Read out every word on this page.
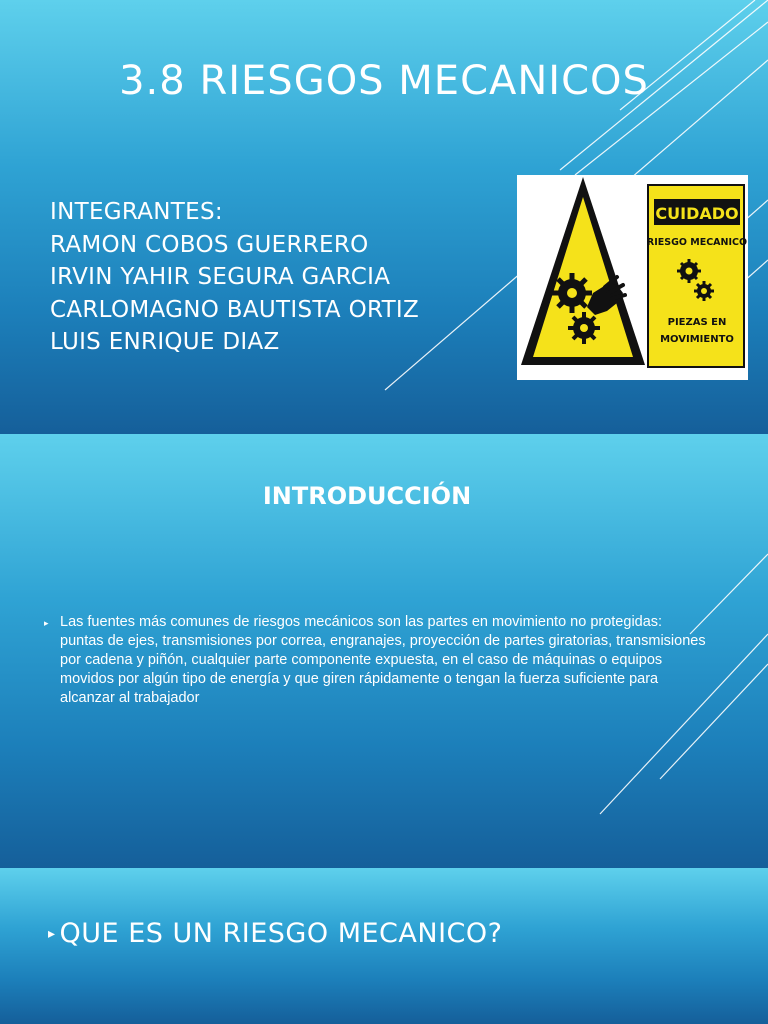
3.8 RIESGOS MECANICOS
INTEGRANTES:
RAMON COBOS GUERRERO
IRVIN YAHIR SEGURA GARCIA
CARLOMAGNO BAUTISTA ORTIZ
LUIS ENRIQUE DIAZ
CUIDADO
RIESGO MECANICO
PIEZAS EN
MOVIMIENTO
INTRODUCCIÓN
▸ Las fuentes más comunes de riesgos mecánicos son las partes en movimiento no protegidas: puntas de ejes, transmisiones por correa, engranajes, proyección de partes giratorias, transmisiones por cadena y piñón, cualquier parte componente expuesta, en el caso de máquinas o equipos movidos por algún tipo de energía y que giren rápidamente o tengan la fuerza suficiente para alcanzar al trabajador
▸ QUE ES UN RIESGO MECANICO?
